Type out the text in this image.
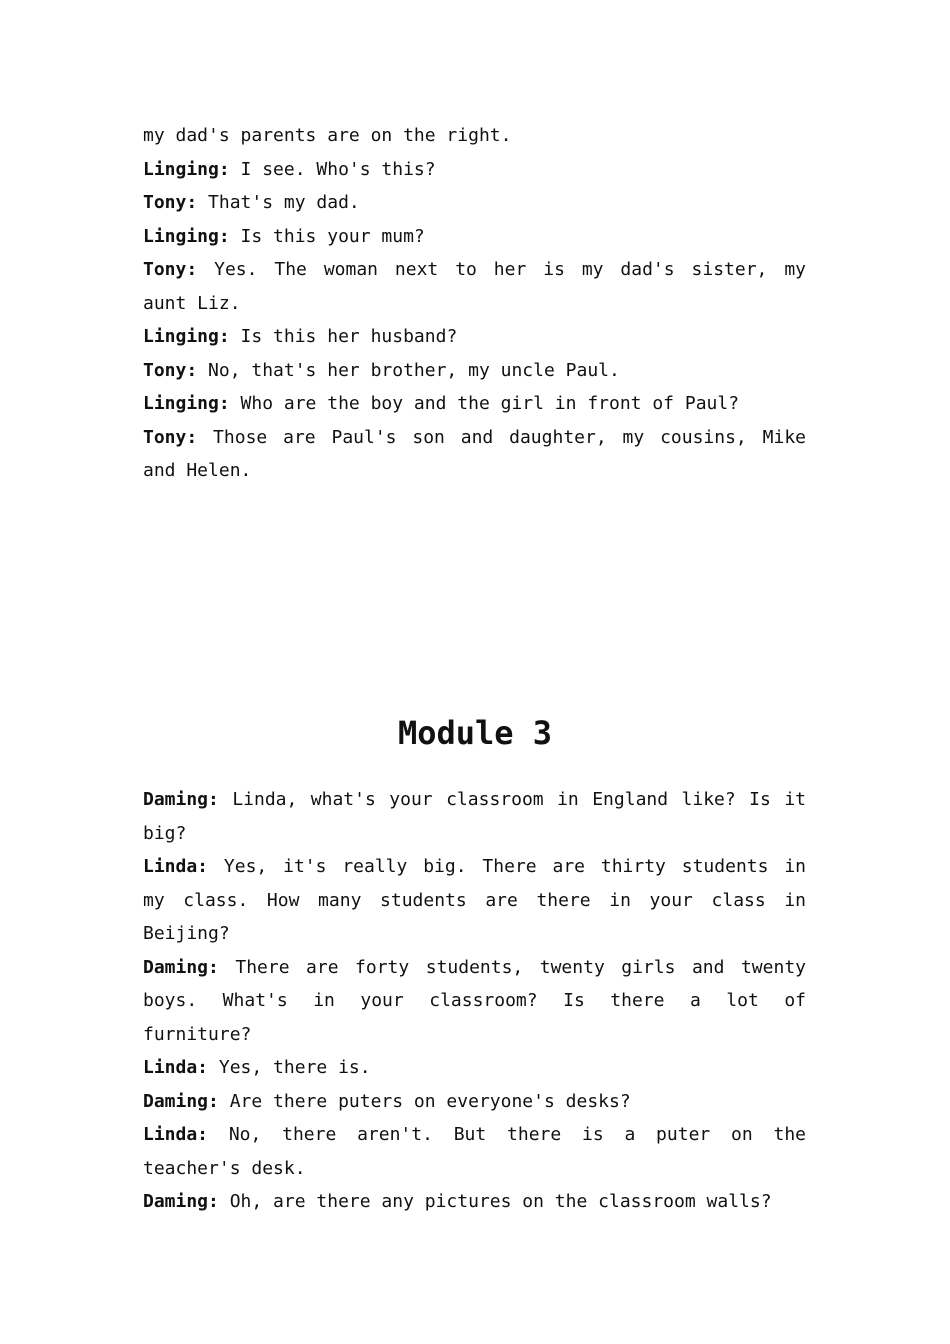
my dad's parents are on the right.
Linging: I see. Who's this?
Tony: That's my dad.
Linging: Is this your mum?
Tony: Yes. The woman next to her is my dad's sister, my
aunt Liz.
Linging: Is this her husband?
Tony: No, that's her brother, my uncle Paul.
Linging: Who are the boy and the girl in front of Paul?
Tony: Those are Paul's son and daughter, my cousins, Mike
and Helen.
Module 3
Daming: Linda, what's your classroom in England like? Is it
big?
Linda: Yes, it's really big. There are thirty students in
my class. How many students are there in your class in
Beijing?
Daming: There are forty students, twenty girls and twenty
boys. What's in your classroom? Is there a lot of
furniture?
Linda: Yes, there is.
Daming: Are there puters on everyone's desks?
Linda: No, there aren't. But there is a puter on the
teacher's desk.
Daming: Oh, are there any pictures on the classroom walls?
